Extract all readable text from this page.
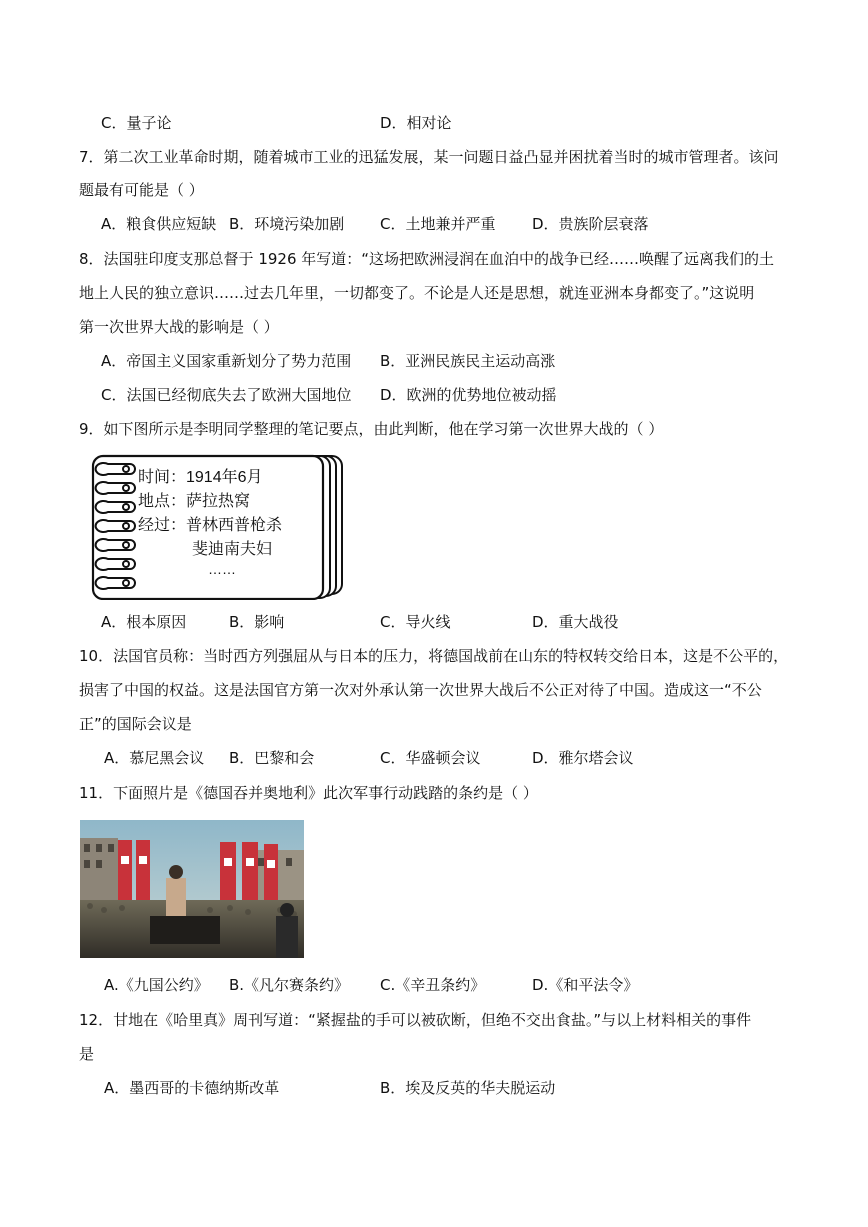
C．量子论	D．相对论
7．第二次工业革命时期，随着城市工业的迅猛发展，某一问题日益凸显并困扰着当时的城市管理者。该问
题最有可能是（ ）
A．粮食供应短缺 B．环境污染加剧 C．土地兼并严重 D．贵族阶层衰落
8．法国驻印度支那总督于 1926 年写道：“这场把欧洲浸润在血泊中的战争已经……唤醒了远离我们的土
地上人民的独立意识……过去几年里，一切都变了。不论是人还是思想，就连亚洲本身都变了。”这说明
第一次世界大战的影响是（ ）
A．帝国主义国家重新划分了势力范围 B．亚洲民族民主运动高涨
C．法国已经彻底失去了欧洲大国地位 D．欧洲的优势地位被动摇
9．如下图所示是李明同学整理的笔记要点，由此判断，他在学习第一次世界大战的（ ）
时间：1914年6月
地点：萨拉热窝
经过：普林西普枪杀
斐迪南夫妇
……
A．根本原因	B．影响	C．导火线	D．重大战役
10．法国官员称：当时西方列强屈从与日本的压力，将德国战前在山东的特权转交给日本，这是不公平的，
损害了中国的权益。这是法国官方第一次对外承认第一次世界大战后不公正对待了中国。造成这一“不公
正”的国际会议是
A．慕尼黑会议 B．巴黎和会	C．华盛顿会议	D．雅尔塔会议
11．下面照片是《德国吞并奥地利》此次军事行动践踏的条约是（ ）
A.《九国公约》 B.《凡尔赛条约》 C.《辛丑条约》	D.《和平法令》
12．甘地在《哈里真》周刊写道：“紧握盐的手可以被砍断，但绝不交出食盐。”与以上材料相关的事件
是
A．墨西哥的卡德纳斯改革	B．埃及反英的华夫脱运动
